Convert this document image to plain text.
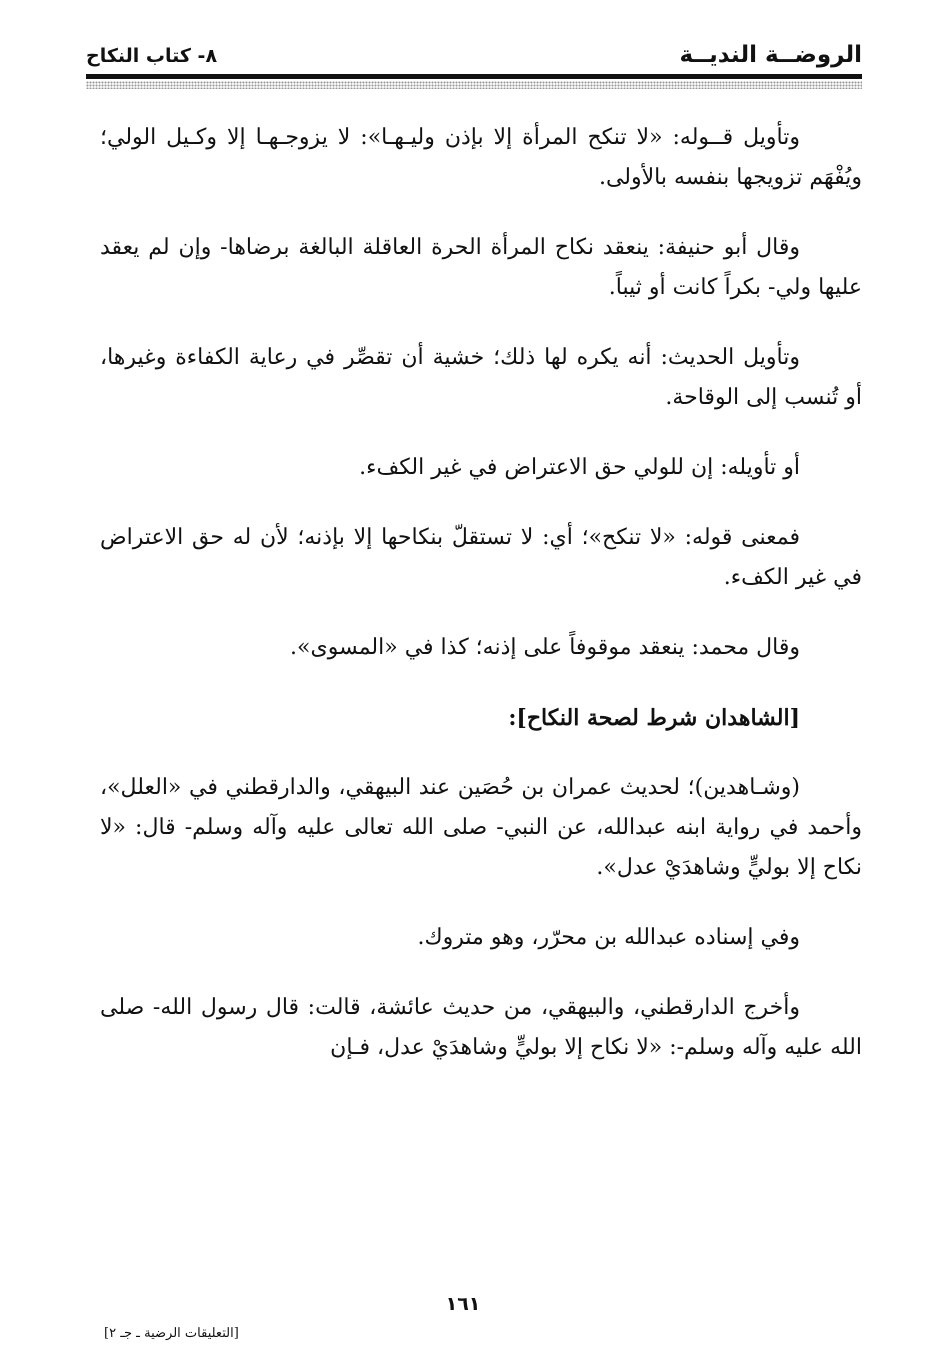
الروضــة النديــة
٨- كتاب النكاح

وتأويل قــوله: «لا تنكح المرأة إلا بإذن وليـهـا»: لا يزوجـهـا إلا وكـيل الولي؛ ويُفْهَم تزويجها بنفسه بالأولى.

وقال أبو حنيفة: ينعقد نكاح المرأة الحرة العاقلة البالغة برضاها- وإن لم يعقد عليها ولي- بكراً كانت أو ثيباً.

وتأويل الحديث: أنه يكره لها ذلك؛ خشية أن تقصِّر في رعاية الكفاءة وغيرها، أو تُنسب إلى الوقاحة.

أو تأويله: إن للولي حق الاعتراض في غير الكفء.

فمعنى قوله: «لا تنكح»؛ أي: لا تستقلّ بنكاحها إلا بإذنه؛ لأن له حق الاعتراض في غير الكفء.

وقال محمد: ينعقد موقوفاً على إذنه؛ كذا في «المسوى».

[الشاهدان شرط لصحة النكاح]:

(وشـاهدين)؛ لحديث عمران بن حُصَين عند البيهقي، والدارقطني في «العلل»، وأحمد في رواية ابنه عبدالله، عن النبي- صلى الله تعالى عليه وآله وسلم- قال: «لا نكاح إلا بوليٍّ وشاهدَيْ عدل».

وفي إسناده عبدالله بن محرّر، وهو متروك.

وأخرج الدارقطني، والبيهقي، من حديث عائشة، قالت: قال رسول الله- صلى الله عليه وآله وسلم-: «لا نكاح إلا بوليٍّ وشاهدَيْ عدل، فـإن

١٦١
[التعليقات الرضية ـ جـ ٢]
